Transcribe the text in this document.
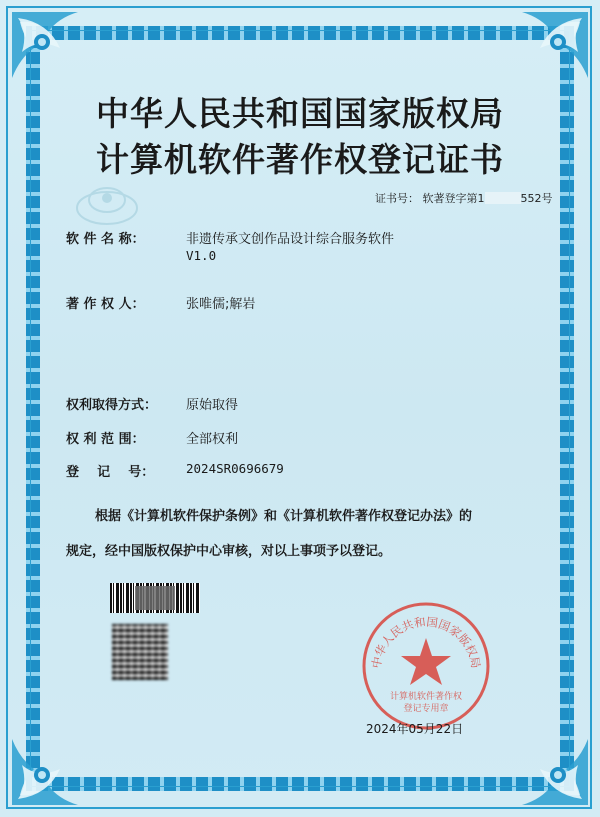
中华人民共和国国家版权局
计算机软件著作权登记证书
证书号： 软著登字第1	552号
软 件 名 称：	非遗传承文创作品设计综合服务软件
V1.0
著 作 权 人：	张唯儒;解岩
权利取得方式： 原始取得
权 利 范 围：	全部权利
登    记    号：	2024SR0696679
根据《计算机软件保护条例》和《计算机软件著作权登记办法》的
规定，经中国版权保护中心审核，对以上事项予以登记。
中华人民共和国国家版权局
计算机软件著作权
登记专用章
2024年05月22日
